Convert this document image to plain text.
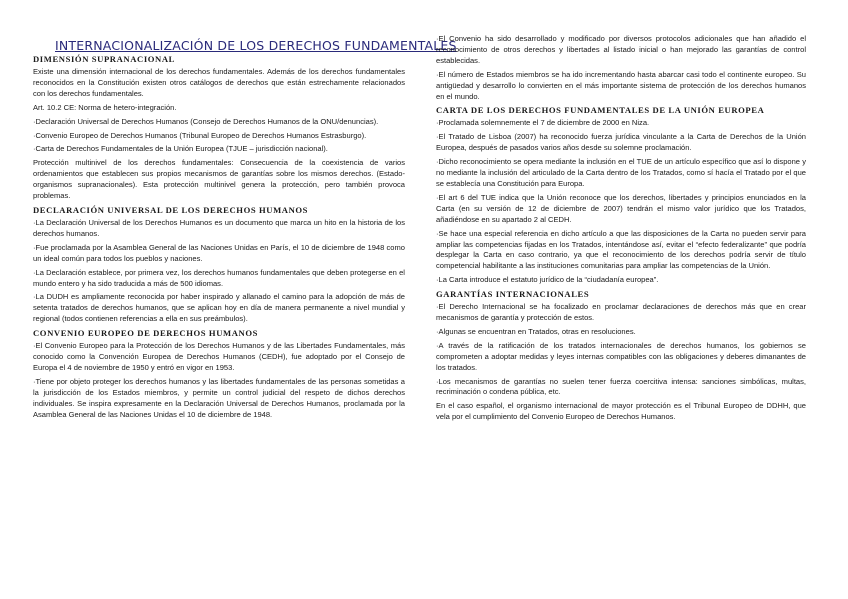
INTERNACIONALIZACIÓN DE LOS DERECHOS FUNDAMENTALES
DIMENSIÓN SUPRANACIONAL

Existe una dimensión internacional de los derechos fundamentales. Además de los derechos fundamentales reconocidos en la Constitución existen otros catálogos de derechos que están estrechamente relacionados con los derechos fundamentales.

Art. 10.2 CE: Norma de hetero-integración.

·Declaración Universal de Derechos Humanos (Consejo de Derechos Humanos de la ONU/denuncias).

·Convenio Europeo de Derechos Humanos (Tribunal Europeo de Derechos Humanos Estrasburgo).

·Carta de Derechos Fundamentales de la Unión Europea (TJUE – jurisdicción nacional).

Protección multinivel de los derechos fundamentales: Consecuencia de la coexistencia de varios ordenamientos que establecen sus propios mecanismos de garantías sobre los mismos derechos. (Estado-organismos supranacionales). Esta protección multinivel genera la protección, pero también provoca problemas.

DECLARACIÓN UNIVERSAL DE LOS DERECHOS HUMANOS

·La Declaración Universal de los Derechos Humanos es un documento que marca un hito en la historia de los derechos humanos.

·Fue proclamada por la Asamblea General de las Naciones Unidas en París, el 10 de diciembre de 1948 como un ideal común para todos los pueblos y naciones.

·La Declaración establece, por primera vez, los derechos humanos fundamentales que deben protegerse en el mundo entero y ha sido traducida a más de 500 idiomas.

·La DUDH es ampliamente reconocida por haber inspirado y allanado el camino para la adopción de más de setenta tratados de derechos humanos, que se aplican hoy en día de manera permanente a nivel mundial y regional (todos contienen referencias a ella en sus preámbulos).

CONVENIO EUROPEO DE DERECHOS HUMANOS

·El Convenio Europeo para la Protección de los Derechos Humanos y de las Libertades Fundamentales, más conocido como la Convención Europea de Derechos Humanos (CEDH), fue adoptado por el Consejo de Europa el 4 de noviembre de 1950 y entró en vigor en 1953.

·Tiene por objeto proteger los derechos humanos y las libertades fundamentales de las personas sometidas a la jurisdicción de los Estados miembros, y permite un control judicial del respeto de dichos derechos individuales. Se inspira expresamente en la Declaración Universal de Derechos Humanos, proclamada por la Asamblea General de las Naciones Unidas el 10 de diciembre de 1948.

·El Convenio ha sido desarrollado y modificado por diversos protocolos adicionales que han añadido el reconocimiento de otros derechos y libertades al listado inicial o han mejorado las garantías de control establecidas.

·El número de Estados miembros se ha ido incrementando hasta abarcar casi todo el continente europeo. Su antigüedad y desarrollo lo convierten en el más importante sistema de protección de los derechos humanos en el mundo.

CARTA DE LOS DERECHOS FUNDAMENTALES DE LA UNIÓN EUROPEA

·Proclamada solemnemente el 7 de diciembre de 2000 en Niza.

·El Tratado de Lisboa (2007) ha reconocido fuerza jurídica vinculante a la Carta de Derechos de la Unión Europea, después de pasados varios años desde su solemne proclamación.

·Dicho reconocimiento se opera mediante la inclusión en el TUE de un artículo específico que así lo dispone y no mediante la inclusión del articulado de la Carta dentro de los Tratados, como sí hacía el Tratado por el que se establecía una Constitución para Europa.

·El art 6 del TUE indica que la Unión reconoce que los derechos, libertades y principios enunciados en la Carta (en su versión de 12 de diciembre de 2007) tendrán el mismo valor jurídico que los Tratados, añadiéndose en su apartado 2 al CEDH.

·Se hace una especial referencia en dicho artículo a que las disposiciones de la Carta no pueden servir para ampliar las competencias fijadas en los Tratados, intentándose así, evitar el “efecto federalizante” que podría desplegar la Carta en caso contrario, ya que el reconocimiento de los derechos podría servir de título competencial habilitante a las instituciones comunitarias para ampliar las competencias de la Unión.

·La Carta introduce el estatuto jurídico de la “ciudadanía europea”.

GARANTÍAS INTERNACIONALES

·El Derecho Internacional se ha focalizado en proclamar declaraciones de derechos más que en crear mecanismos de garantía y protección de estos.

·Algunas se encuentran en Tratados, otras en resoluciones.

·A través de la ratificación de los tratados internacionales de derechos humanos, los gobiernos se comprometen a adoptar medidas y leyes internas compatibles con las obligaciones y deberes dimanantes de los tratados.

·Los mecanismos de garantías no suelen tener fuerza coercitiva intensa: sanciones simbólicas, multas, recriminación o condena pública, etc.

En el caso español, el organismo internacional de mayor protección es el Tribunal Europeo de DDHH, que vela por el cumplimiento del Convenio Europeo de Derechos Humanos.
